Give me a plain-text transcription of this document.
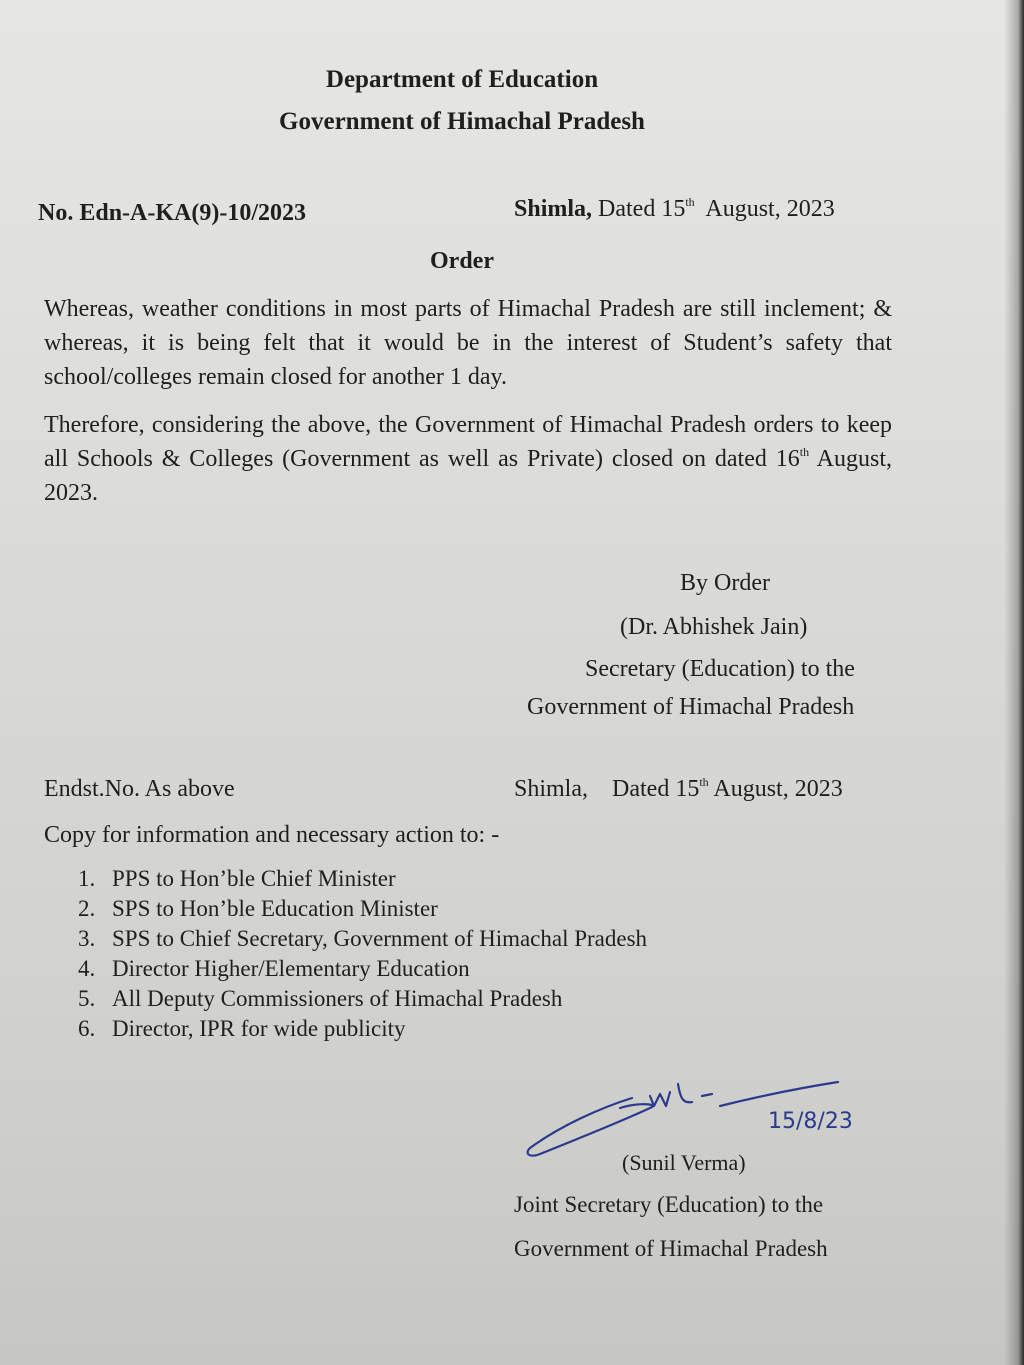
Department of Education
Government of Himachal Pradesh
No. Edn-A-KA(9)-10/2023	Shimla, Dated 15th August, 2023
Order
Whereas, weather conditions in most parts of Himachal Pradesh are still inclement; & whereas, it is being felt that it would be in the interest of Student’s safety that school/colleges remain closed for another 1 day.
Therefore, considering the above, the Government of Himachal Pradesh orders to keep all Schools & Colleges (Government as well as Private) closed on dated 16th August, 2023.
By Order
(Dr. Abhishek Jain)
Secretary (Education) to the
Government of Himachal Pradesh
Endst.No. As above	Shimla, Dated 15th August, 2023
Copy for information and necessary action to: -
1. PPS to Hon’ble Chief Minister
2. SPS to Hon’ble Education Minister
3. SPS to Chief Secretary, Government of Himachal Pradesh
4. Director Higher/Elementary Education
5. All Deputy Commissioners of Himachal Pradesh
6. Director, IPR for wide publicity
15/8/23
(Sunil Verma)
Joint Secretary (Education) to the
Government of Himachal Pradesh
